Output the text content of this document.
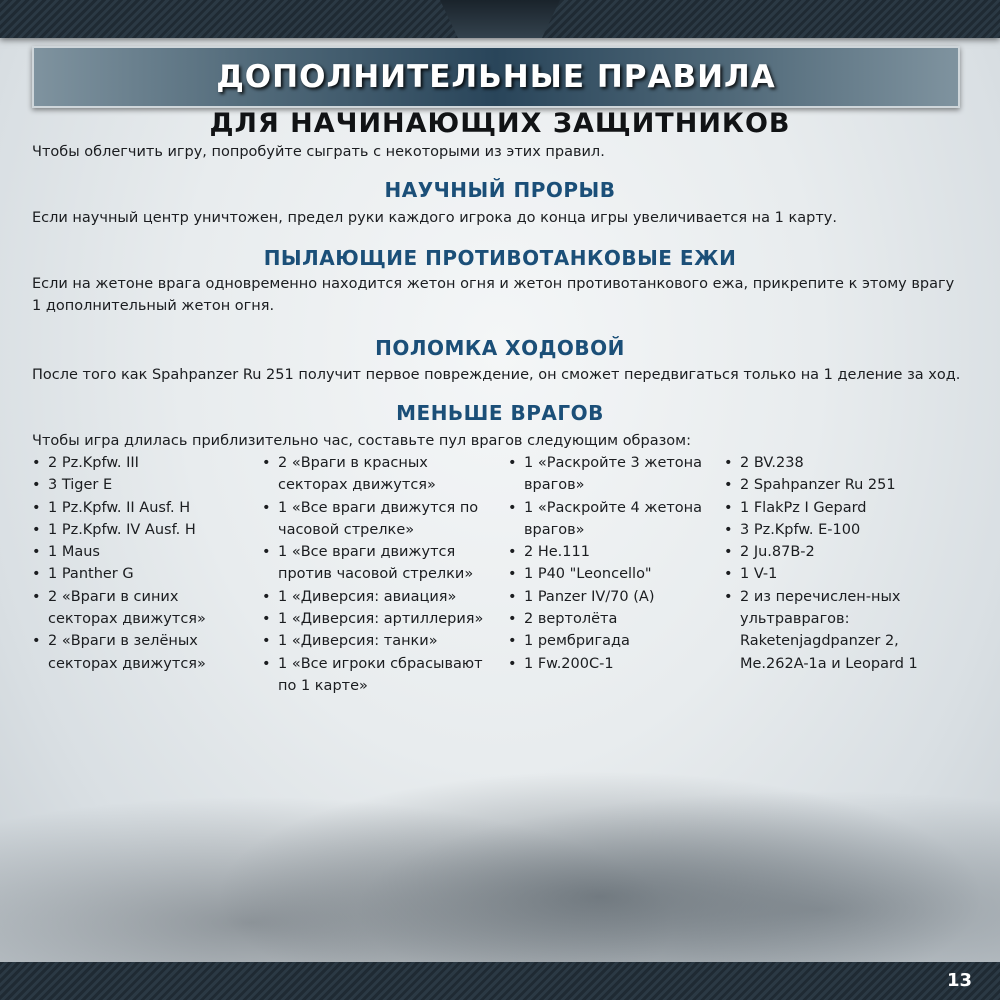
ДОПОЛНИТЕЛЬНЫЕ ПРАВИЛА
ДЛЯ НАЧИНАЮЩИХ ЗАЩИТНИКОВ
Чтобы облегчить игру, попробуйте сыграть с некоторыми из этих правил.
НАУЧНЫЙ ПРОРЫВ
Если научный центр уничтожен, предел руки каждого игрока до конца игры увеличивается на 1 карту.
ПЫЛАЮЩИЕ ПРОТИВОТАНКОВЫЕ ЕЖИ
Если на жетоне врага одновременно находится жетон огня и жетон противотанкового ежа, прикрепите к этому врагу 1 дополнительный жетон огня.
ПОЛОМКА ХОДОВОЙ
После того как Spahpanzer Ru 251 получит первое повреждение, он сможет передвигаться только на 1 деление за ход.
МЕНЬШЕ ВРАГОВ
Чтобы игра длилась приблизительно час, составьте пул врагов следующим образом:
• 2 Pz.Kpfw. III
• 3 Tiger E
• 1 Pz.Kpfw. II Ausf. H
• 1 Pz.Kpfw. IV Ausf. H
• 1 Maus
• 1 Panther G
• 2 «Враги в синих секторах движутся»
• 2 «Враги в зелёных секторах движутся»
• 2 «Враги в красных секторах движутся»
• 1 «Все враги движутся по часовой стрелке»
• 1 «Все враги движутся против часовой стрелки»
• 1 «Диверсия: авиация»
• 1 «Диверсия: артиллерия»
• 1 «Диверсия: танки»
• 1 «Все игроки сбрасывают по 1 карте»
• 1 «Раскройте 3 жетона врагов»
• 1 «Раскройте 4 жетона врагов»
• 2 He.111
• 1 P40 "Leoncello"
• 1 Panzer IV/70 (A)
• 2 вертолёта
• 1 рембригада
• 1 Fw.200C-1
• 2 BV.238
• 2 Spahpanzer Ru 251
• 1 FlakPz I Gepard
• 3 Pz.Kpfw. E-100
• 2 Ju.87B-2
• 1 V-1
• 2 из перечислен-ных ультраврагов: Raketenjagdpanzer 2, Me.262A-1a и Leopard 1
13
